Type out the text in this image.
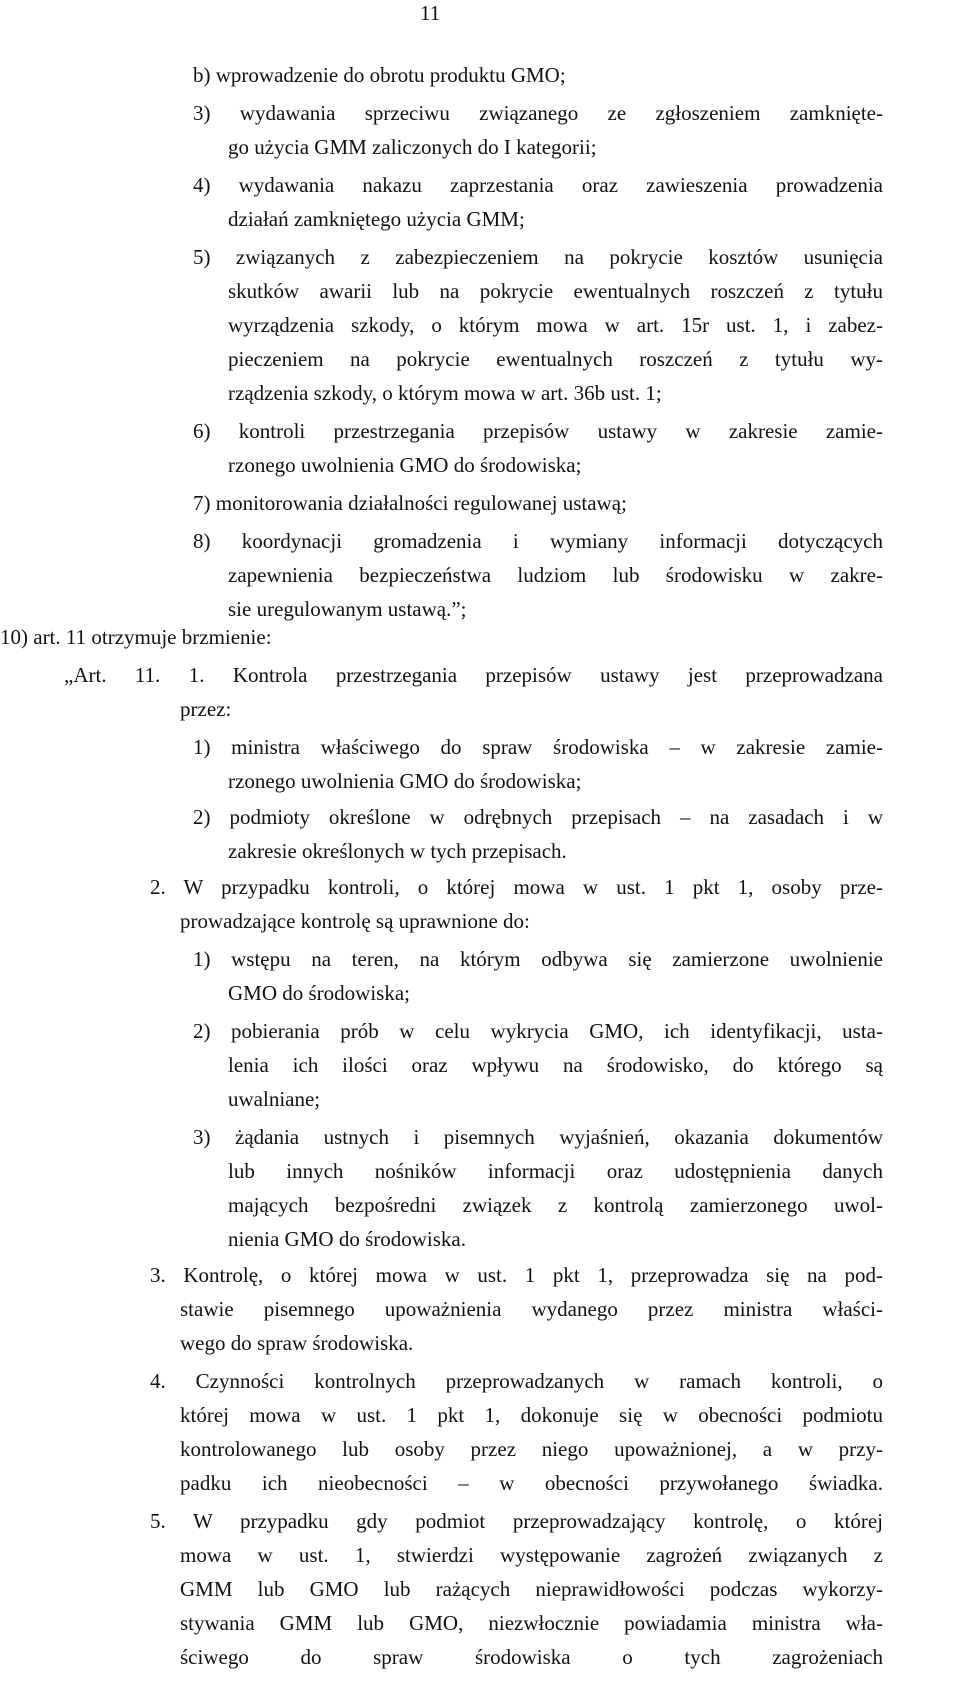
11
b) wprowadzenie do obrotu produktu GMO;
3) wydawania sprzeciwu związanego ze zgłoszeniem zamknięte-
go użycia GMM zaliczonych do I kategorii;
4) wydawania nakazu zaprzestania oraz zawieszenia prowadzenia
działań zamkniętego użycia GMM;
5) związanych z zabezpieczeniem na pokrycie kosztów usunięcia
skutków awarii lub na pokrycie ewentualnych roszczeń z tytułu
wyrządzenia szkody, o którym mowa w art. 15r ust. 1, i zabez-
pieczeniem na pokrycie ewentualnych roszczeń z tytułu wy-
rządzenia szkody, o którym mowa w art. 36b ust. 1;
6) kontroli przestrzegania przepisów ustawy w zakresie zamie-
rzonego uwolnienia GMO do środowiska;
7) monitorowania działalności regulowanej ustawą;
8) koordynacji gromadzenia i wymiany informacji dotyczących
zapewnienia bezpieczeństwa ludziom lub środowisku w zakre-
sie uregulowanym ustawą.”;
10) art. 11 otrzymuje brzmienie:
„Art. 11. 1. Kontrola przestrzegania przepisów ustawy jest przeprowadzana
przez:
1) ministra właściwego do spraw środowiska – w zakresie zamie-
rzonego uwolnienia GMO do środowiska;
2) podmioty określone w odrębnych przepisach – na zasadach i w
zakresie określonych w tych przepisach.
2. W przypadku kontroli, o której mowa w ust. 1 pkt 1, osoby prze-
prowadzające kontrolę są uprawnione do:
1) wstępu na teren, na którym odbywa się zamierzone uwolnienie
GMO do środowiska;
2) pobierania prób w celu wykrycia GMO, ich identyfikacji, usta-
lenia ich ilości oraz wpływu na środowisko, do którego są
uwalniane;
3) żądania ustnych i pisemnych wyjaśnień, okazania dokumentów
lub innych nośników informacji oraz udostępnienia danych
mających bezpośredni związek z kontrolą zamierzonego uwol-
nienia GMO do środowiska.
3. Kontrolę, o której mowa w ust. 1 pkt 1, przeprowadza się na pod-
stawie pisemnego upoważnienia wydanego przez ministra właści-
wego do spraw środowiska.
4. Czynności kontrolnych przeprowadzanych w ramach kontroli, o
której mowa w ust. 1 pkt 1, dokonuje się w obecności podmiotu
kontrolowanego lub osoby przez niego upoważnionej, a w przy-
padku ich nieobecności – w obecności przywołanego świadka.
5. W przypadku gdy podmiot przeprowadzający kontrolę, o której
mowa w ust. 1, stwierdzi występowanie zagrożeń związanych z
GMM lub GMO lub rażących nieprawidłowości podczas wykorzy-
stywania GMM lub GMO, niezwłocznie powiadamia ministra wła-
ściwego do spraw środowiska o tych zagrożeniach
